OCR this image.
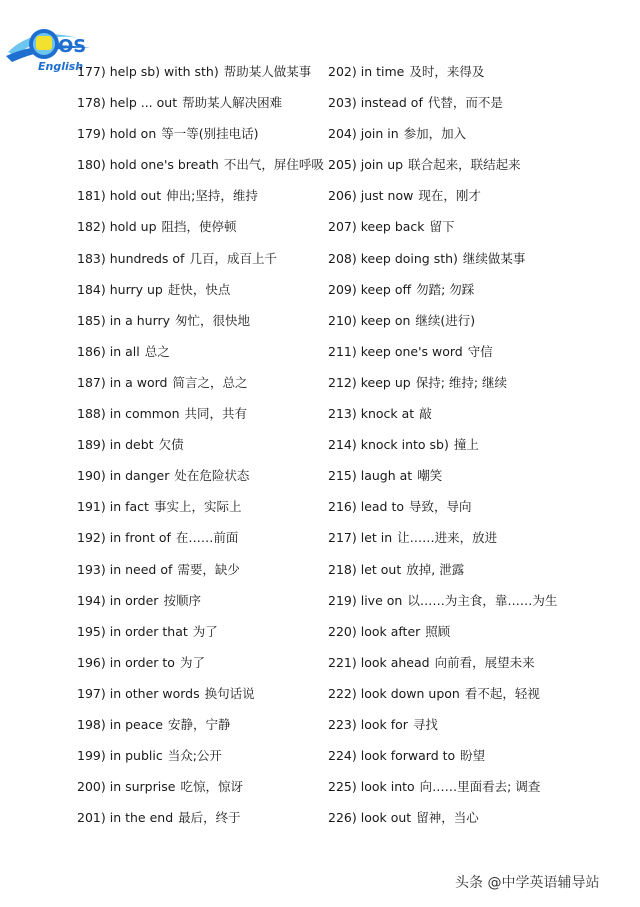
OS
English
177) help sb) with sth) 帮助某人做某事
178) help ... out 帮助某人解决困难
179) hold on 等一等(别挂电话)
180) hold one's breath 不出气，屏住呼吸
181) hold out 伸出;坚持，维持
182) hold up 阻挡，使停顿
183) hundreds of 几百，成百上千
184) hurry up 赶快，快点
185) in a hurry 匆忙，很快地
186) in all 总之
187) in a word 简言之，总之
188) in common 共同，共有
189) in debt 欠债
190) in danger 处在危险状态
191) in fact 事实上，实际上
192) in front of 在……前面
193) in need of 需要，缺少
194) in order 按顺序
195) in order that 为了
196) in order to 为了
197) in other words 换句话说
198) in peace 安静，宁静
199) in public 当众;公开
200) in surprise 吃惊，惊讶
201) in the end 最后，终于
202) in time 及时，来得及
203) instead of 代替，而不是
204) join in 参加，加入
205) join up 联合起来，联结起来
206) just now 现在，刚才
207) keep back 留下
208) keep doing sth) 继续做某事
209) keep off 勿踏; 勿踩
210) keep on 继续(进行)
211) keep one's word 守信
212) keep up 保持; 维持; 继续
213) knock at 敲
214) knock into sb) 撞上
215) laugh at 嘲笑
216) lead to 导致，导向
217) let in 让……进来，放进
218) let out 放掉, 泄露
219) live on 以……为主食，靠……为生
220) look after 照顾
221) look ahead 向前看，展望未来
222) look down upon 看不起，轻视
223) look for 寻找
224) look forward to 盼望
225) look into 向……里面看去; 调查
226) look out 留神，当心
头条 @中学英语辅导站
